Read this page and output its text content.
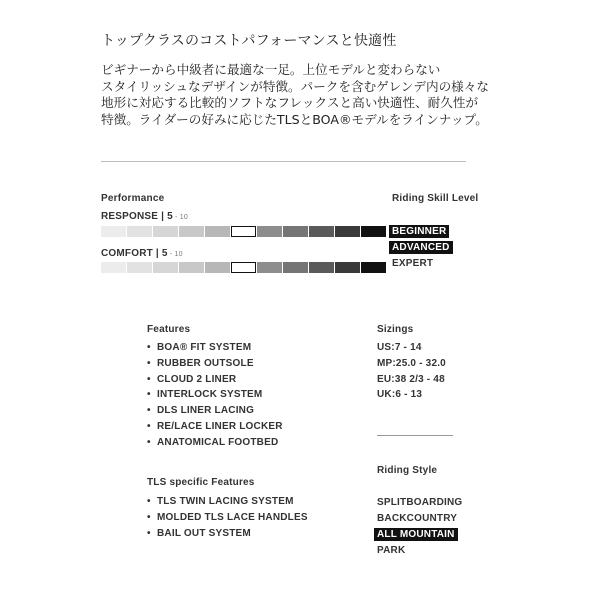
トップクラスのコストパフォーマンスと快適性
ビギナーから中級者に最適な一足。上位モデルと変わらない
スタイリッシュなデザインが特徴。パークを含むゲレンデ内の様々な
地形に対応する比較的ソフトなフレックスと高い快適性、耐久性が
特徴。ライダーの好みに応じたTLSとBOA®モデルをラインナップ。
Performance
RESPONSE | 5 - 10
COMFORT | 5 - 10
Riding Skill Level
BEGINNER
ADVANCED
EXPERT
Features
• BOA® FIT SYSTEM
• RUBBER OUTSOLE
• CLOUD 2 LINER
• INTERLOCK SYSTEM
• DLS LINER LACING
• RE/LACE LINER LOCKER
• ANATOMICAL FOOTBED
Sizings
US:7 - 14
MP:25.0 - 32.0
EU:38 2/3 - 48
UK:6 - 13
TLS specific Features
• TLS TWIN LACING SYSTEM
• MOLDED TLS LACE HANDLES
• BAIL OUT SYSTEM
Riding Style
SPLITBOARDING
BACKCOUNTRY
ALL MOUNTAIN
PARK
